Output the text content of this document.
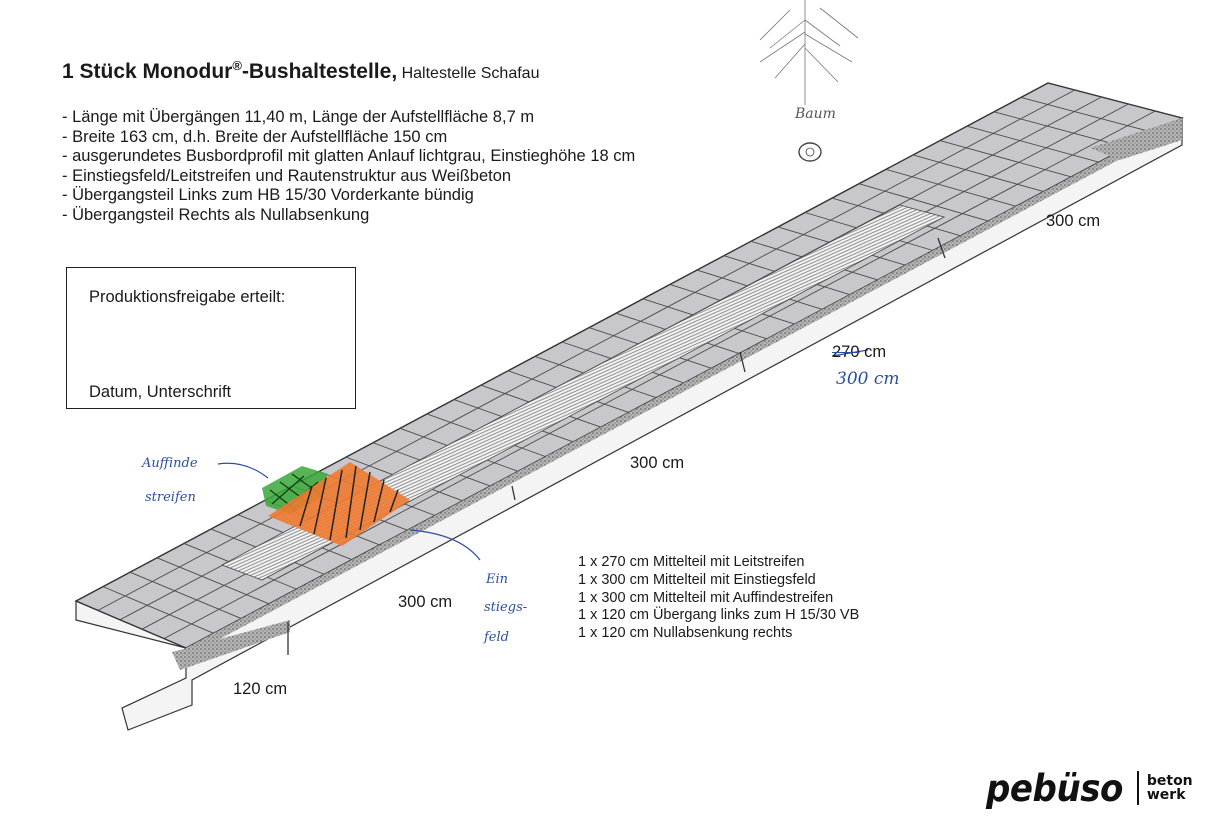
1 Stück Monodur®-Bushaltestelle, Haltestelle Schafau
- Länge mit Übergängen 11,40 m, Länge der Aufstellfläche 8,7 m
- Breite 163 cm, d.h. Breite der Aufstellfläche 150 cm
- ausgerundetes Busbordprofil mit glatten Anlauf lichtgrau, Einstieghöhe 18 cm
- Einstiegsfeld/Leitstreifen und Rautenstruktur aus Weißbeton
- Übergangsteil Links zum HB 15/30 Vorderkante bündig
- Übergangsteil Rechts als Nullabsenkung
Produktionsfreigabe erteilt:
Datum, Unterschrift
300 cm
270 cm
300 cm
300 cm
300 cm
120 cm
Baum
Auffinde
streifen
Ein
stiegs-
feld
1 x 270 cm Mittelteil mit Leitstreifen
1 x 300 cm Mittelteil mit Einstiegsfeld
1 x 300 cm Mittelteil mit Auffindestreifen
1 x 120 cm Übergang links zum H 15/30 VB
1 x 120 cm Nullabsenkung rechts
pebüso beton
werk
